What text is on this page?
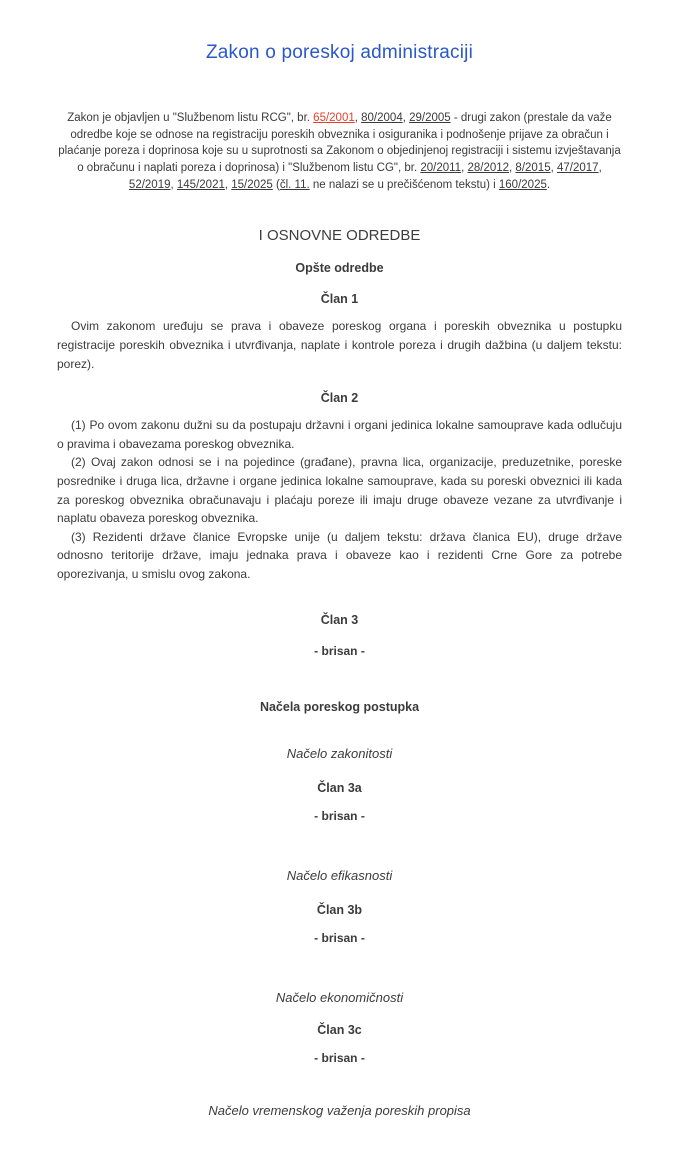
Zakon o poreskoj administraciji

Zakon je objavljen u "Službenom listu RCG", br. 65/2001, 80/2004, 29/2005 - drugi zakon (prestale da važe odredbe koje se odnose na registraciju poreskih obveznika i osiguranika i podnošenje prijave za obračun i plaćanje poreza i doprinosa koje su u suprotnosti sa Zakonom o objedinjenoj registraciji i sistemu izvještavanja o obračunu i naplati poreza i doprinosa) i "Službenom listu CG", br. 20/2011, 28/2012, 8/2015, 47/2017, 52/2019, 145/2021, 15/2025 (čl. 11. ne nalazi se u prečišćenom tekstu) i 160/2025.

I OSNOVNE ODREDBE
Opšte odredbe
Član 1

Ovim zakonom uređuju se prava i obaveze poreskog organa i poreskih obveznika u postupku registracije poreskih obveznika i utvrđivanja, naplate i kontrole poreza i drugih dažbina (u daljem tekstu: porez).

Član 2

(1) Po ovom zakonu dužni su da postupaju državni i organi jedinica lokalne samouprave kada odlučuju o pravima i obavezama poreskog obveznika.

(2) Ovaj zakon odnosi se i na pojedince (građane), pravna lica, organizacije, preduzetnike, poreske posrednike i druga lica, državne i organe jedinica lokalne samouprave, kada su poreski obveznici ili kada za poreskog obveznika obračunavaju i plaćaju poreze ili imaju druge obaveze vezane za utvrđivanje i naplatu obaveza poreskog obveznika.

(3) Rezidenti države članice Evropske unije (u daljem tekstu: država članica EU), druge države odnosno teritorije države, imaju jednaka prava i obaveze kao i rezidenti Crne Gore za potrebe oporezivanja, u smislu ovog zakona.

Član 3

- brisan -

Načela poreskog postupka

Načelo zakonitosti

Član 3a

- brisan -

Načelo efikasnosti

Član 3b

- brisan -

Načelo ekonomičnosti

Član 3c

- brisan -

Načelo vremenskog važenja poreskih propisa
